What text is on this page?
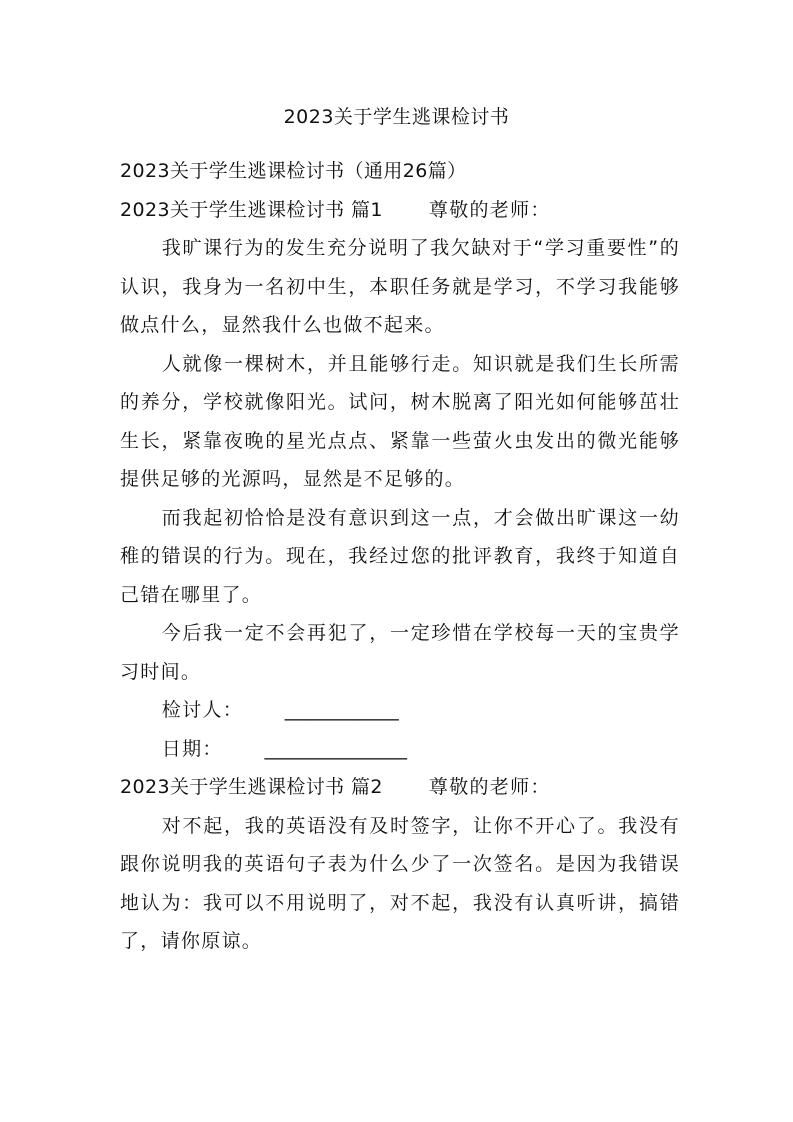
2023关于学生逃课检讨书

2023关于学生逃课检讨书（通用26篇）

2023关于学生逃课检讨书 篇1 尊敬的老师：

我旷课行为的发生充分说明了我欠缺对于“学习重要性”的认识，我身为一名初中生，本职任务就是学习，不学习我能够做点什么，显然我什么也做不起来。

人就像一棵树木，并且能够行走。知识就是我们生长所需的养分，学校就像阳光。试问，树木脱离了阳光如何能够茁壮生长，紧靠夜晚的星光点点、紧靠一些萤火虫发出的微光能够提供足够的光源吗，显然是不足够的。

而我起初恰恰是没有意识到这一点，才会做出旷课这一幼稚的错误的行为。现在，我经过您的批评教育，我终于知道自己错在哪里了。

今后我一定不会再犯了，一定珍惜在学校每一天的宝贵学习时间。

检讨人： ____________

日期： _______________

2023关于学生逃课检讨书 篇2 尊敬的老师：

对不起，我的英语没有及时签字，让你不开心了。我没有跟你说明我的英语句子表为什么少了一次签名。是因为我错误地认为：我可以不用说明了，对不起，我没有认真听讲，搞错了，请你原谅。
